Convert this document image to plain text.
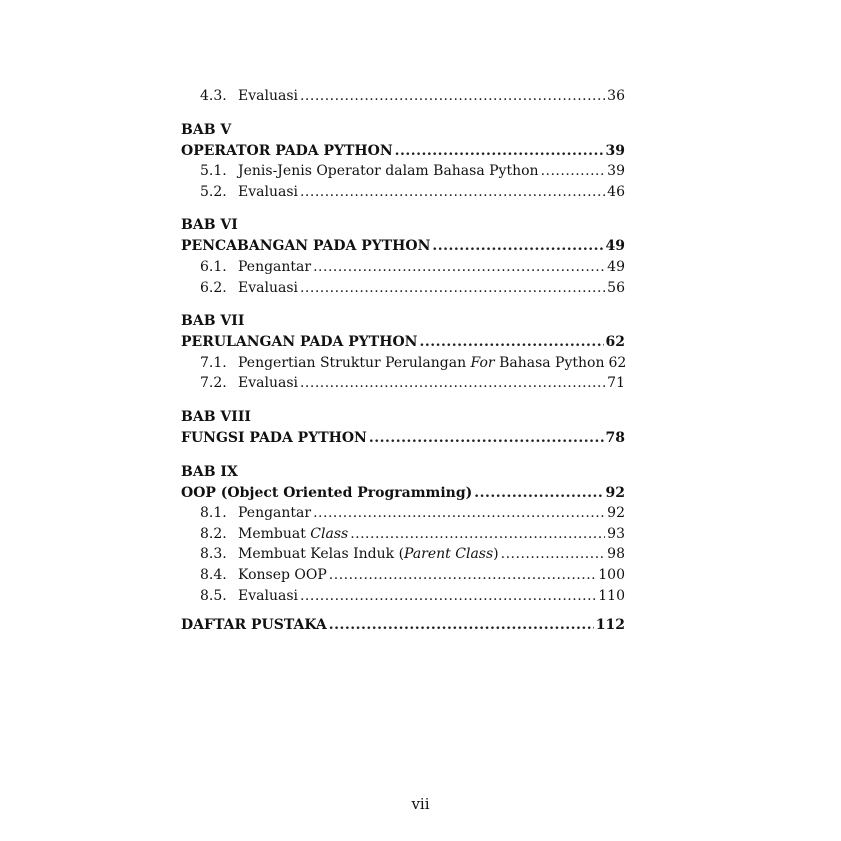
4.3. Evaluasi .....	36
BAB V
OPERATOR PADA PYTHON .....	39
5.1. Jenis-Jenis Operator dalam Bahasa Python .....	39
5.2. Evaluasi .....	46
BAB VI
PENCABANGAN PADA PYTHON .....	49
6.1. Pengantar .....	49
6.2. Evaluasi .....	56
BAB VII
PERULANGAN PADA PYTHON .....	62
7.1. Pengertian Struktur Perulangan For Bahasa Python 62
7.2. Evaluasi .....	71
BAB VIII
FUNGSI PADA PYTHON .....	78
BAB IX
OOP (Object Oriented Programming) .....	92
8.1. Pengantar .....	92
8.2. Membuat Class .....	93
8.3. Membuat Kelas Induk (Parent Class) .....	98
8.4. Konsep OOP .....	100
8.5. Evaluasi .....	110
DAFTAR PUSTAKA .....	112
vii
